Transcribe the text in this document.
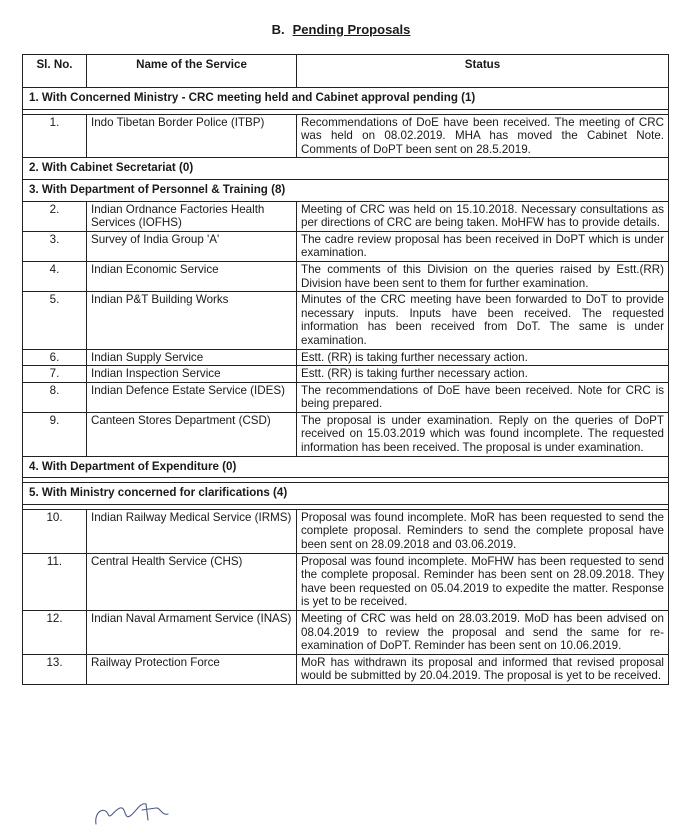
B. Pending Proposals
Sl. No.	Name of the Service	Status
1. With Concerned Ministry - CRC meeting held and Cabinet approval pending (1)		

1.	Indo Tibetan Border Police (ITBP)	Recommendations of DoE have been received. The meeting of CRC was held on 08.02.2019. MHA has moved the Cabinet Note. Comments of DoPT been sent on 28.5.2019.
2. With Cabinet Secretariat (0)		
3. With Department of Personnel & Training (8)		
2.	Indian Ordnance Factories Health Services (IOFHS)	Meeting of CRC was held on 15.10.2018. Necessary consultations as per directions of CRC are being taken. MoHFW has to provide details.
3.	Survey of India Group 'A'	The cadre review proposal has been received in DoPT which is under examination.
4.	Indian Economic Service	The comments of this Division on the queries raised by Estt.(RR) Division have been sent to them for further examination.
5.	Indian P&T Building Works	Minutes of the CRC meeting have been forwarded to DoT to provide necessary inputs. Inputs have been received. The requested information has been received from DoT. The same is under examination.
6.	Indian Supply Service	Estt. (RR) is taking further necessary action.
7.	Indian Inspection Service	Estt. (RR) is taking further necessary action.
8.	Indian Defence Estate Service (IDES)	The recommendations of DoE have been received. Note for CRC is being prepared.
9.	Canteen Stores Department (CSD)	The proposal is under examination. Reply on the queries of DoPT received on 15.03.2019 which was found incomplete. The requested information has been received. The proposal is under examination.
4. With Department of Expenditure (0)		

5. With Ministry concerned for clarifications (4)		

10.	Indian Railway Medical Service (IRMS)	Proposal was found incomplete. MoR has been requested to send the complete proposal. Reminders to send the complete proposal have been sent on 28.09.2018 and 03.06.2019.
11.	Central Health Service (CHS)	Proposal was found incomplete. MoFHW has been requested to send the complete proposal. Reminder has been sent on 28.09.2018. They have been requested on 05.04.2019 to expedite the matter. Response is yet to be received.
12.	Indian Naval Armament Service (INAS)	Meeting of CRC was held on 28.03.2019. MoD has been advised on 08.04.2019 to review the proposal and send the same for re-examination of DoPT. Reminder has been sent on 10.06.2019.
13.	Railway Protection Force	MoR has withdrawn its proposal and informed that revised proposal would be submitted by 20.04.2019. The proposal is yet to be received.
